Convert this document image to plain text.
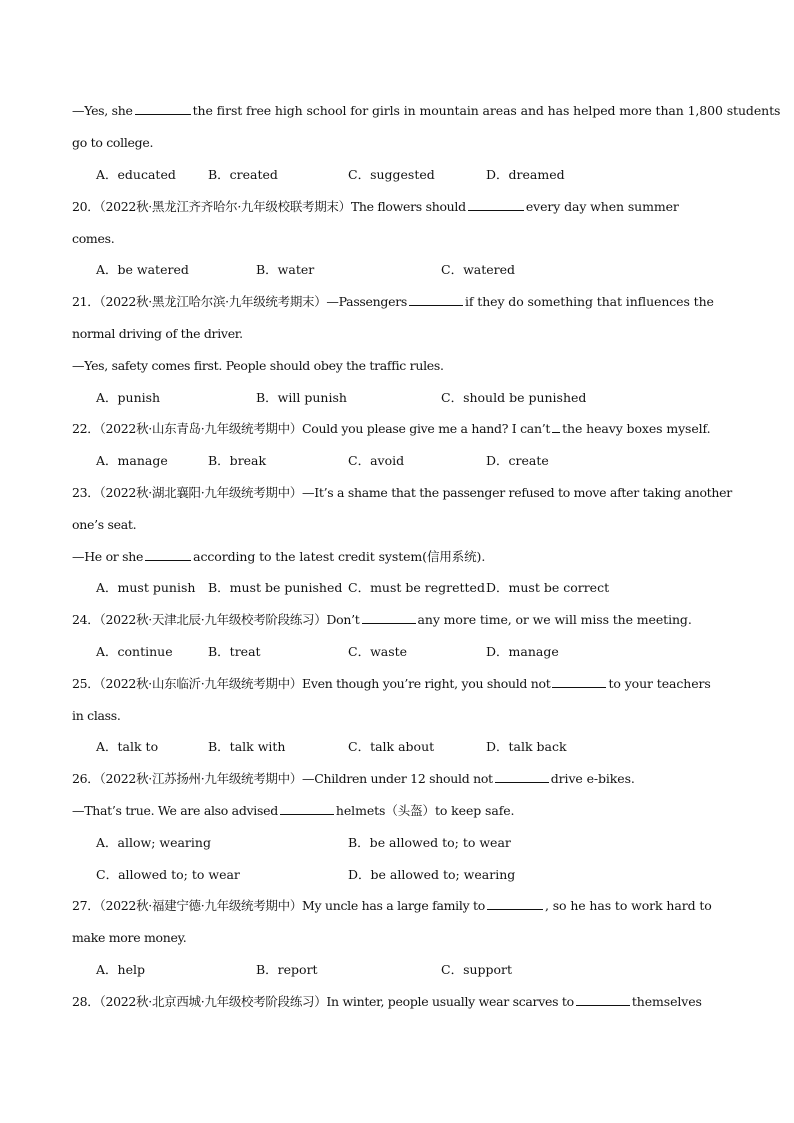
—Yes, she	the first free high school for girls in mountain areas and has helped more than 1,800 students
go to college.
A．educated	B．created	C．suggested	D．dreamed
20．（2022秋·黑龙江齐齐哈尔·九年级校联考期末）The flowers should	every day when summer
comes.
A．be watered	B．water	C．watered
21．（2022秋·黑龙江哈尔滨·九年级统考期末）—Passengers	if they do something that influences the
normal driving of the driver.
—Yes, safety comes first. People should obey the traffic rules.
A．punish	B．will punish	C．should be punished
22．（2022秋·山东青岛·九年级统考期中）Could you please give me a hand? I can’t the heavy boxes myself.
A．manage	B．break	C．avoid	D．create
23．（2022秋·湖北襄阳·九年级统考期中）—It’s a shame that the passenger refused to move after taking another
one’s seat.
—He or she	according to the latest credit system(信用系统).
A．must punish B．must be punished C．must be regretted D．must be correct
24．（2022秋·天津北辰·九年级校考阶段练习）Don’t	any more time, or we will miss the meeting.
A．continue	B．treat	C．waste	D．manage
25．（2022秋·山东临沂·九年级统考期中）Even though you’re right, you should not	to your teachers
in class.
A．talk to	B．talk with	C．talk about	D．talk back
26．（2022秋·江苏扬州·九年级统考期中）—Children under 12 should not	drive e-bikes.
—That’s true. We are also advised	helmets（头盔）to keep safe.
A．allow; wearing	B．be allowed to; to wear
C．allowed to; to wear	D．be allowed to; wearing
27．（2022秋·福建宁德·九年级统考期中）My uncle has a large family to	, so he has to work hard to
make more money.
A．help	B．report	C．support
28．（2022秋·北京西城·九年级校考阶段练习）In winter, people usually wear scarves to	themselves
